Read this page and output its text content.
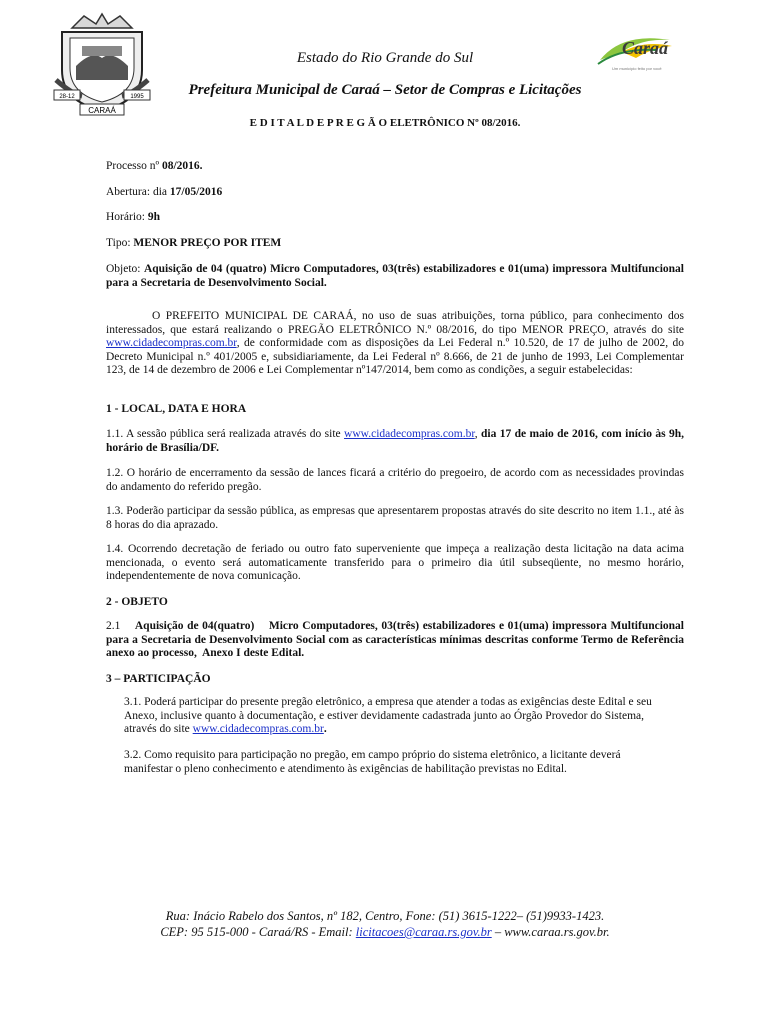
28-12	1995
CARAÁ
Caraá
Um município feito por você
Estado do Rio Grande do Sul
Prefeitura Municipal de Caraá – Setor de Compras e Licitações
E D I T A L D E P R E G Ã O ELETRÔNICO Nº 08/2016.
Processo nº 08/2016.
Abertura: dia 17/05/2016
Horário: 9h
Tipo: MENOR PREÇO POR ITEM
Objeto: Aquisição de 04 (quatro) Micro Computadores, 03(três) estabilizadores e 01(uma) impressora Multifuncional para a Secretaria de Desenvolvimento Social.
O PREFEITO MUNICIPAL DE CARAÁ, no uso de suas atribuições, torna público, para conhecimento dos interessados, que estará realizando o PREGÃO ELETRÔNICO N.º 08/2016, do tipo MENOR PREÇO, através do site www.cidadecompras.com.br, de conformidade com as disposições da Lei Federal n.º 10.520, de 17 de julho de 2002, do Decreto Municipal n.º 401/2005 e, subsidiariamente, da Lei Federal nº 8.666, de 21 de junho de 1993, Lei Complementar 123, de 14 de dezembro de 2006 e Lei Complementar nº147/2014, bem como as condições, a seguir estabelecidas:
1 - LOCAL, DATA E HORA
1.1. A sessão pública será realizada através do site www.cidadecompras.com.br, dia 17 de maio de 2016, com início às 9h, horário de Brasília/DF.
1.2. O horário de encerramento da sessão de lances ficará a critério do pregoeiro, de acordo com as necessidades provindas do andamento do referido pregão.
1.3. Poderão participar da sessão pública, as empresas que apresentarem propostas através do site descrito no item 1.1., até às 8 horas do dia aprazado.
1.4. Ocorrendo decretação de feriado ou outro fato superveniente que impeça a realização desta licitação na data acima mencionada, o evento será automaticamente transferido para o primeiro dia útil subseqüente, no mesmo horário, independentemente de nova comunicação.
2 - OBJETO
2.1    Aquisição de 04(quatro)    Micro Computadores, 03(três) estabilizadores e 01(uma) impressora Multifuncional para a Secretaria de Desenvolvimento Social com as características mínimas descritas conforme Termo de Referência anexo ao processo,  Anexo I deste Edital.
3 – PARTICIPAÇÃO
3.1. Poderá participar do presente pregão eletrônico, a empresa que atender a todas as exigências deste Edital e seu Anexo, inclusive quanto à documentação, e estiver devidamente cadastrada junto ao Órgão Provedor do Sistema, através do site www.cidadecompras.com.br.
3.2. Como requisito para participação no pregão, em campo próprio do sistema eletrônico, a licitante deverá manifestar o pleno conhecimento e atendimento às exigências de habilitação previstas no Edital.
Rua: Inácio Rabelo dos Santos, nº 182, Centro, Fone: (51) 3615-1222– (51)9933-1423.
CEP: 95 515-000 - Caraá/RS - Email: licitacoes@caraa.rs.gov.br – www.caraa.rs.gov.br.
